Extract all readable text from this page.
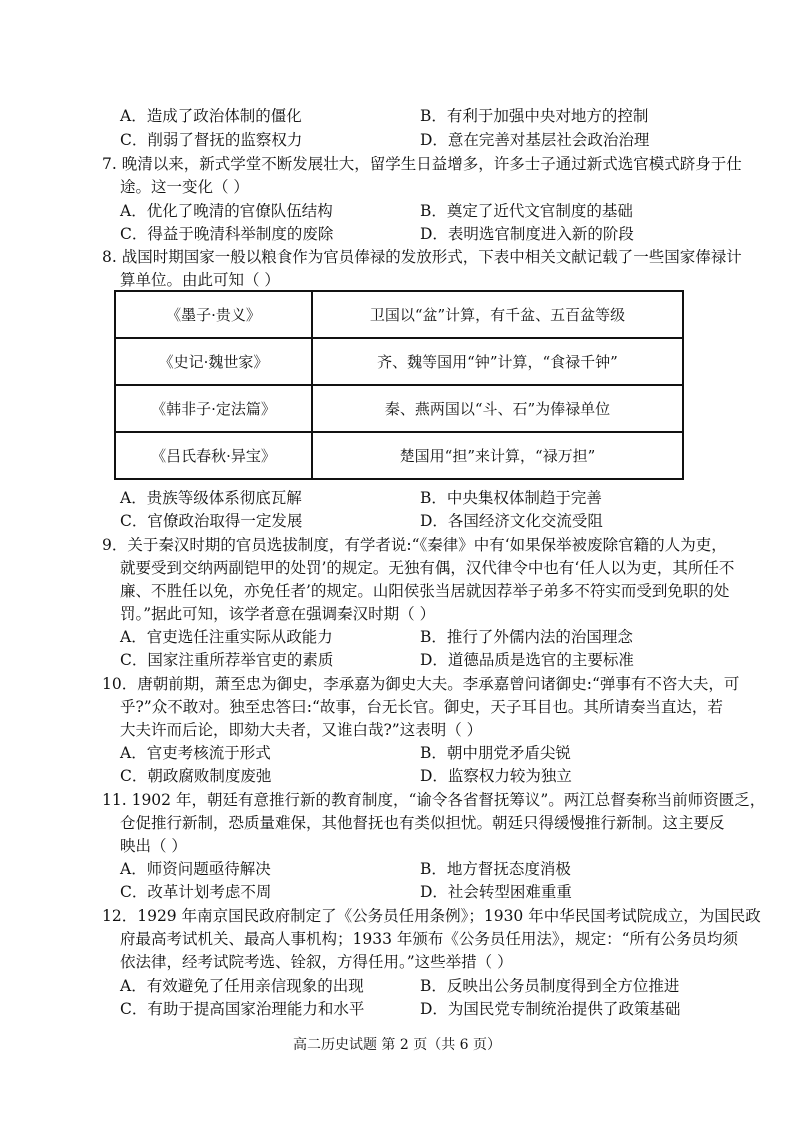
A．造成了政治体制的僵化	B．有利于加强中央对地方的控制
C．削弱了督抚的监察权力	D．意在完善对基层社会政治治理
7. 晚清以来，新式学堂不断发展壮大，留学生日益增多，许多士子通过新式选官模式跻身于仕
途。这一变化（ ）
A．优化了晚清的官僚队伍结构	B．奠定了近代文官制度的基础
C．得益于晚清科举制度的废除	D．表明选官制度进入新的阶段
8. 战国时期国家一般以粮食作为官员俸禄的发放形式，下表中相关文献记载了一些国家俸禄计
算单位。由此可知（ ）
《墨子·贵义》	卫国以“盆”计算，有千盆、五百盆等级
《史记·魏世家》	齐、魏等国用“钟”计算，“食禄千钟”
《韩非子·定法篇》	秦、燕两国以“斗、石”为俸禄单位
《吕氏春秋·异宝》	楚国用“担”来计算，“禄万担”
A．贵族等级体系彻底瓦解	B．中央集权体制趋于完善
C．官僚政治取得一定发展	D．各国经济文化交流受阻
9．关于秦汉时期的官员选拔制度，有学者说:“《秦律》中有‘如果保举被废除官籍的人为吏，
就要受到交纳两副铠甲的处罚’的规定。无独有偶，汉代律令中也有‘任人以为吏，其所任不
廉、不胜任以免，亦免任者’的规定。山阳侯张当居就因荐举子弟多不符实而受到免职的处
罚。”据此可知，该学者意在强调秦汉时期（ ）
A．官吏选任注重实际从政能力	B．推行了外儒内法的治国理念
C．国家注重所荐举官吏的素质	D．道德品质是选官的主要标准
10．唐朝前期，萧至忠为御史，李承嘉为御史大夫。李承嘉曾问诸御史:“弹事有不咨大夫，可
乎?”众不敢对。独至忠答曰:“故事，台无长官。御史，天子耳目也。其所请奏当直达，若
大夫许而后论，即劾大夫者，又谁白哉?”这表明（ ）
A．官吏考核流于形式	B．朝中朋党矛盾尖锐
C．朝政腐败制度废弛	D．监察权力较为独立
11. 1902 年，朝廷有意推行新的教育制度，“谕令各省督抚筹议”。两江总督奏称当前师资匮乏，
仓促推行新制，恐质量难保，其他督抚也有类似担忧。朝廷只得缓慢推行新制。这主要反
映出（ ）
A．师资问题亟待解决	B．地方督抚态度消极
C．改革计划考虑不周	D．社会转型困难重重
12．1929 年南京国民政府制定了《公务员任用条例》；1930 年中华民国考试院成立，为国民政
府最高考试机关、最高人事机构；1933 年颁布《公务员任用法》，规定：“所有公务员均须
依法律，经考试院考选、铨叙，方得任用。”这些举措（ ）
A．有效避免了任用亲信现象的出现	B．反映出公务员制度得到全方位推进
C．有助于提高国家治理能力和水平	D．为国民党专制统治提供了政策基础
高二历史试题 第 2 页（共 6 页）
